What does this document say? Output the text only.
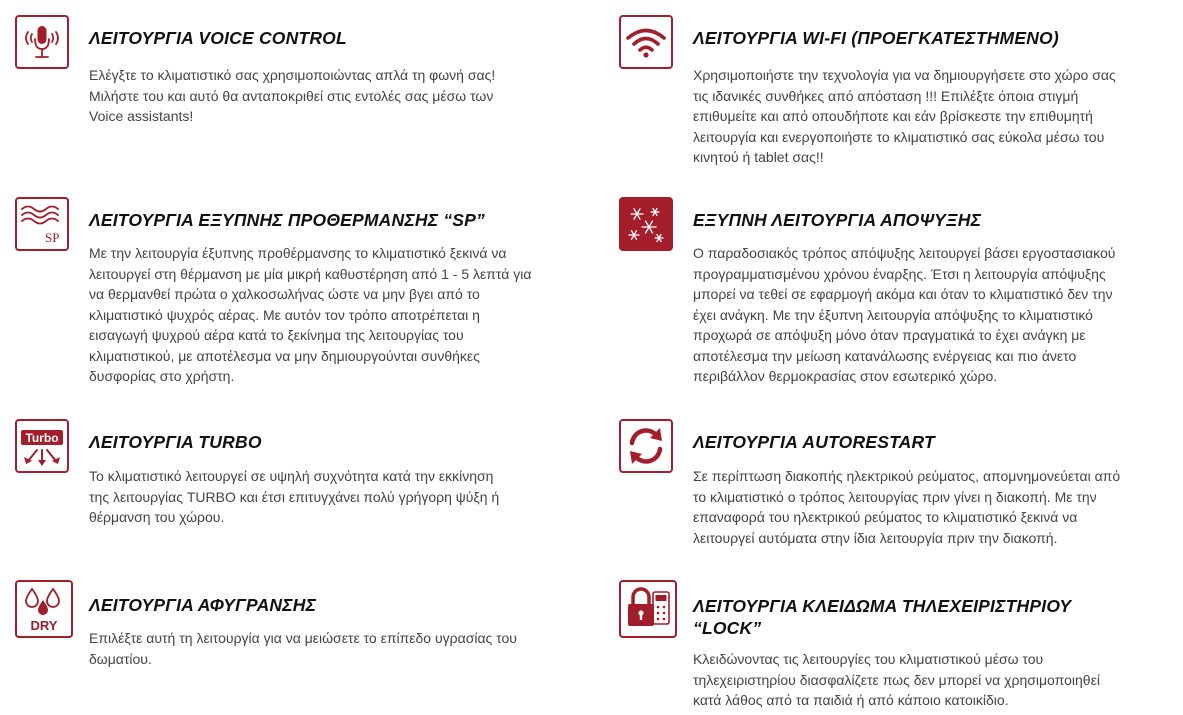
ΛΕΙΤΟΥΡΓΙΑ VOICE CONTROL

Ελέγξτε το κλιματιστικό σας χρησιμοποιώντας απλά τη φωνή σας!
Μιλήστε του και αυτό θα ανταποκριθεί στις εντολές σας μέσω των
Voice assistants!

ΛΕΙΤΟΥΡΓΙΑ WI-FI (ΠΡΟΕΓΚΑΤΕΣΤΗΜΕΝΟ)

Χρησιμοποιήστε την τεχνολογία για να δημιουργήσετε στο χώρο σας
τις ιδανικές συνθήκες από απόσταση !!! Επιλέξτε όποια στιγμή
επιθυμείτε και από οπουδήποτε και εάν βρίσκεστε την επιθυμητή
λειτουργία και ενεργοποιήστε το κλιματιστικό σας εύκολα μέσω του
κινητού ή tablet σας!!

SP
ΛΕΙΤΟΥΡΓΙΑ ΕΞΥΠΝΗΣ ΠΡΟΘΕΡΜΑΝΣΗΣ “SP”

Με την λειτουργία έξυπνης προθέρμανσης το κλιματιστικό ξεκινά να
λειτουργεί στη θέρμανση με μία μικρή καθυστέρηση από 1 - 5 λεπτά για
να θερμανθεί πρώτα ο χαλκοσωλήνας ώστε να μην βγει από το
κλιματιστικό ψυχρός αέρας. Με αυτόν τον τρόπο αποτρέπεται η
εισαγωγή ψυχρού αέρα κατά το ξεκίνημα της λειτουργίας του
κλιματιστικού, με αποτέλεσμα να μην δημιουργούνται συνθήκες
δυσφορίας στο χρήστη.

ΕΞΥΠΝΗ ΛΕΙΤΟΥΡΓΙΑ ΑΠΟΨΥΞΗΣ

Ο παραδοσιακός τρόπος απόψυξης λειτουργεί βάσει εργοστασιακού
προγραμματισμένου χρόνου έναρξης. Έτσι η λειτουργία απόψυξης
μπορεί να τεθεί σε εφαρμογή ακόμα και όταν το κλιματιστικό δεν την
έχει ανάγκη. Με την έξυπνη λειτουργία απόψυξης το κλιματιστικό
προχωρά σε απόψυξη μόνο όταν πραγματικά το έχει ανάγκη με
αποτέλεσμα την μείωση κατανάλωσης ενέργειας και πιο άνετο
περιβάλλον θερμοκρασίας στον εσωτερικό χώρο.

Turbo ΛΕΙΤΟΥΡΓΙΑ TURBO

Το κλιματιστικό λειτουργεί σε υψηλή συχνότητα κατά την εκκίνηση
της λειτουργίας TURBO και έτσι επιτυγχάνει πολύ γρήγορη ψύξη ή
θέρμανση του χώρου.

ΛΕΙΤΟΥΡΓΙΑ AUTORESTART

Σε περίπτωση διακοπής ηλεκτρικού ρεύματος, απομνημονεύεται από
το κλιματιστικό ο τρόπος λειτουργίας πριν γίνει η διακοπή. Με την
επαναφορά του ηλεκτρικού ρεύματος το κλιματιστικό ξεκινά να
λειτουργεί αυτόματα στην ίδια λειτουργία πριν την διακοπή.

DRY
ΛΕΙΤΟΥΡΓΙΑ ΑΦΥΓΡΑΝΣΗΣ

Επιλέξτε αυτή τη λειτουργία για να μειώσετε το επίπεδο υγρασίας του
δωματίου.

ΛΕΙΤΟΥΡΓΙΑ ΚΛΕΙΔΩΜΑ ΤΗΛΕΧΕΙΡΙΣΤΗΡΙΟΥ
“LOCK”

Κλειδώνοντας τις λειτουργίες του κλιματιστικού μέσω του
τηλεχειριστηρίου διασφαλίζετε πως δεν μπορεί να χρησιμοποιηθεί
κατά λάθος από τα παιδιά ή από κάποιο κατοικίδιο.
